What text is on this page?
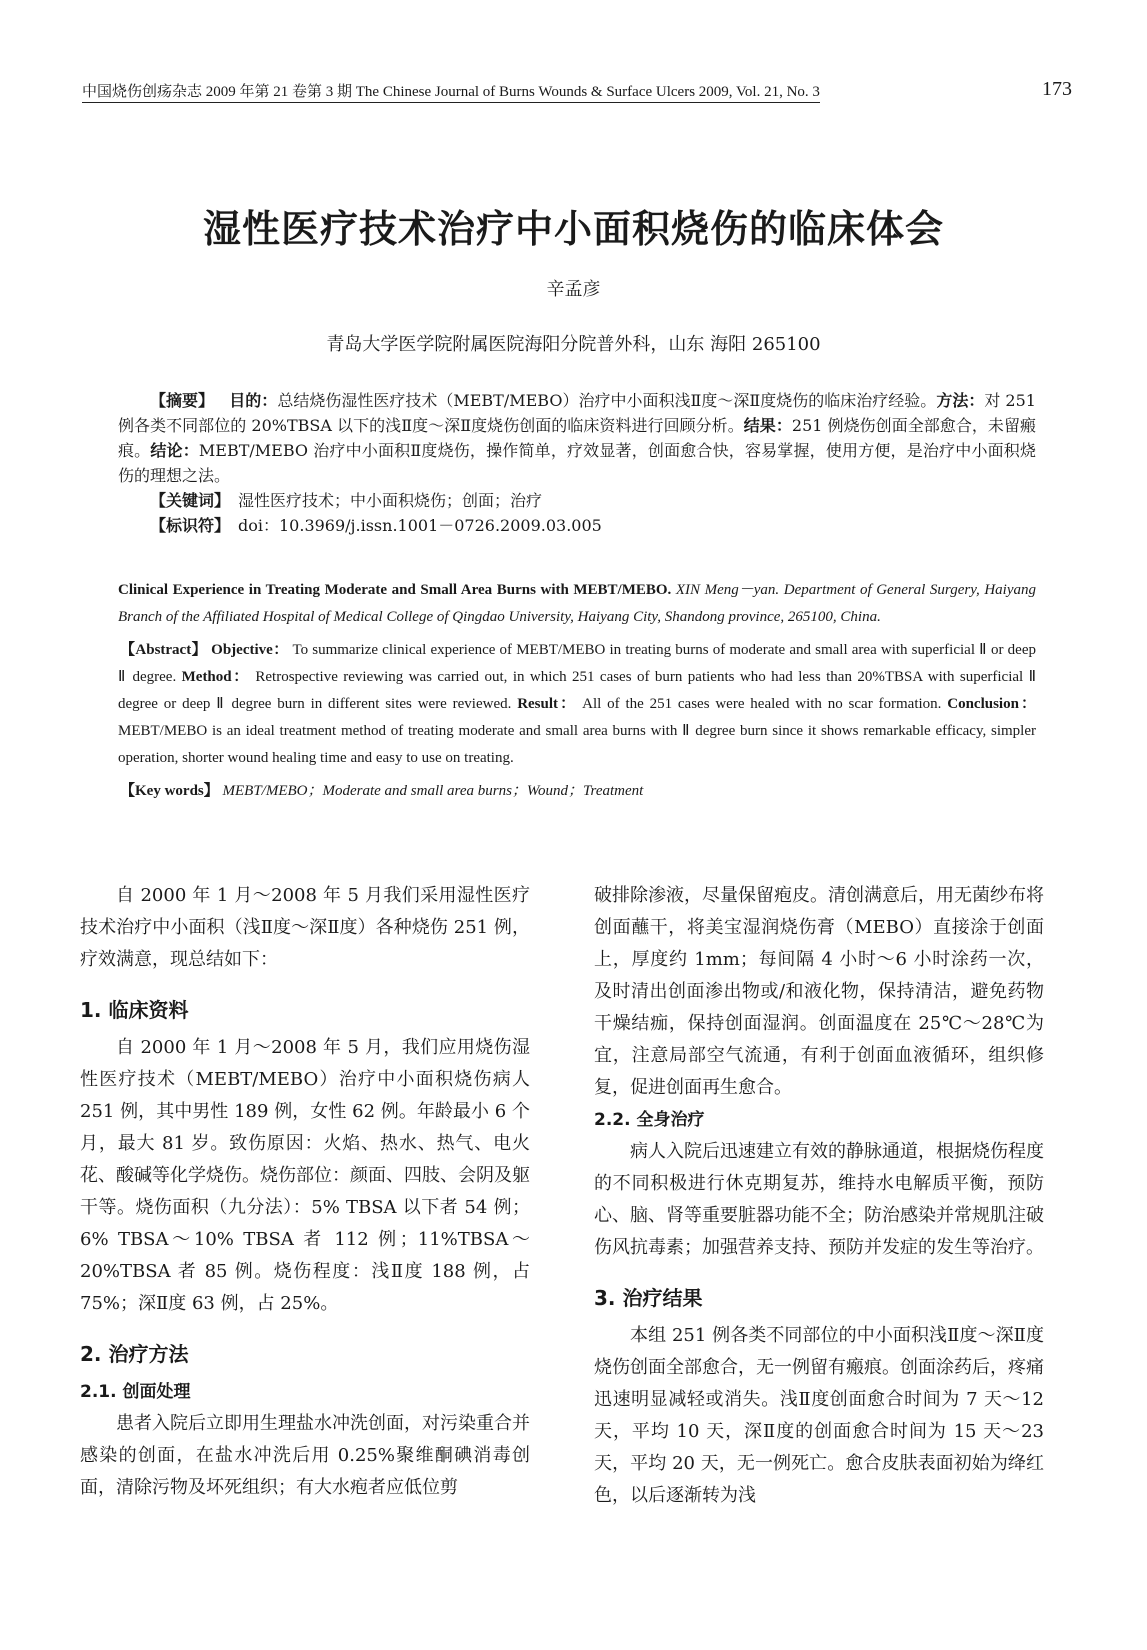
中国烧伤创疡杂志 2009 年第 21 卷第 3 期 The Chinese Journal of Burns Wounds & Surface Ulcers 2009, Vol. 21, No. 3	173
湿性医疗技术治疗中小面积烧伤的临床体会
辛孟彦
青岛大学医学院附属医院海阳分院普外科，山东 海阳 265100

【摘要】 目的：总结烧伤湿性医疗技术（MEBT/MEBO）治疗中小面积浅Ⅱ度～深Ⅱ度烧伤的临床治疗经验。方法：对 251 例各类不同部位的 20%TBSA 以下的浅Ⅱ度～深Ⅱ度烧伤创面的临床资料进行回顾分析。结果：251 例烧伤创面全部愈合，未留瘢痕。结论：MEBT/MEBO 治疗中小面积Ⅱ度烧伤，操作简单，疗效显著，创面愈合快，容易掌握，使用方便，是治疗中小面积烧伤的理想之法。

【关键词】 湿性医疗技术；中小面积烧伤；创面；治疗

【标识符】 doi：10.3969/j.issn.1001－0726.2009.03.005

Clinical Experience in Treating Moderate and Small Area Burns with MEBT/MEBO. XIN Meng－yan. Department of General Surgery, Haiyang Branch of the Affiliated Hospital of Medical College of Qingdao University, Haiyang City, Shandong province, 265100, China.

【Abstract】 Objective： To summarize clinical experience of MEBT/MEBO in treating burns of moderate and small area with superficial Ⅱ or deep Ⅱ degree. Method： Retrospective reviewing was carried out, in which 251 cases of burn patients who had less than 20%TBSA with superficial Ⅱ degree or deep Ⅱ degree burn in different sites were reviewed. Result： All of the 251 cases were healed with no scar formation. Conclusion： MEBT/MEBO is an ideal treatment method of treating moderate and small area burns with Ⅱ degree burn since it shows remarkable efficacy, simpler operation, shorter wound healing time and easy to use on treating.

【Key words】 MEBT/MEBO；Moderate and small area burns；Wound；Treatment

自 2000 年 1 月～2008 年 5 月我们采用湿性医疗技术治疗中小面积（浅Ⅱ度～深Ⅱ度）各种烧伤 251 例，疗效满意，现总结如下：

1. 临床资料

自 2000 年 1 月～2008 年 5 月，我们应用烧伤湿性医疗技术（MEBT/MEBO）治疗中小面积烧伤病人 251 例，其中男性 189 例，女性 62 例。年龄最小 6 个月，最大 81 岁。致伤原因：火焰、热水、热气、电火花、酸碱等化学烧伤。烧伤部位：颜面、四肢、会阴及躯干等。烧伤面积（九分法）：5% TBSA 以下者 54 例；6% TBSA～10% TBSA 者 112 例；11%TBSA～20%TBSA 者 85 例。烧伤程度：浅Ⅱ度 188 例，占 75%；深Ⅱ度 63 例，占 25%。

2. 治疗方法

2.1. 创面处理

患者入院后立即用生理盐水冲洗创面，对污染重合并感染的创面，在盐水冲洗后用 0.25%聚维酮碘消毒创面，清除污物及坏死组织；有大水疱者应低位剪

破排除渗液，尽量保留疱皮。清创满意后，用无菌纱布将创面蘸干，将美宝湿润烧伤膏（MEBO）直接涂于创面上，厚度约 1mm；每间隔 4 小时～6 小时涂药一次，及时清出创面渗出物或/和液化物，保持清洁，避免药物干燥结痂，保持创面湿润。创面温度在 25℃～28℃为宜，注意局部空气流通，有利于创面血液循环，组织修复，促进创面再生愈合。

2.2. 全身治疗

病人入院后迅速建立有效的静脉通道，根据烧伤程度的不同积极进行休克期复苏，维持水电解质平衡，预防心、脑、肾等重要脏器功能不全；防治感染并常规肌注破伤风抗毒素；加强营养支持、预防并发症的发生等治疗。

3. 治疗结果

本组 251 例各类不同部位的中小面积浅Ⅱ度～深Ⅱ度烧伤创面全部愈合，无一例留有瘢痕。创面涂药后，疼痛迅速明显减轻或消失。浅Ⅱ度创面愈合时间为 7 天～12 天，平均 10 天，深Ⅱ度的创面愈合时间为 15 天～23 天，平均 20 天，无一例死亡。愈合皮肤表面初始为绛红色，以后逐渐转为浅
